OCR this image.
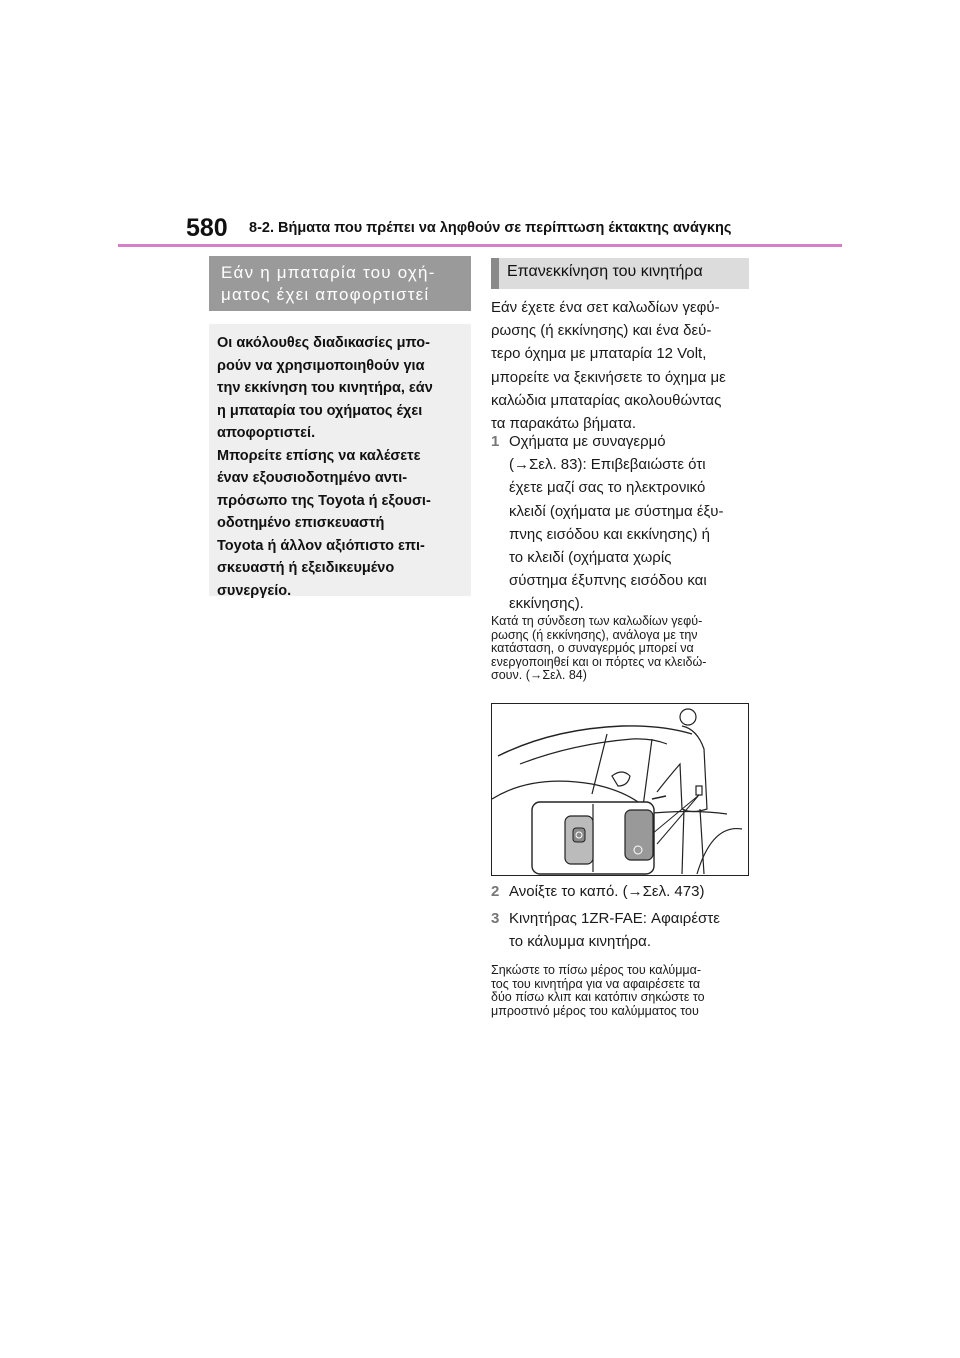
580 8-2. Βήματα που πρέπει να ληφθούν σε περίπτωση έκτακτης ανάγκης
Εάν η μπαταρία του οχή-
ματος έχει αποφορτιστεί
Οι ακόλουθες διαδικασίες μπο-
ρούν να χρησιμοποιηθούν για
την εκκίνηση του κινητήρα, εάν
η μπαταρία του οχήματος έχει
αποφορτιστεί.
Μπορείτε επίσης να καλέσετε
έναν εξουσιοδοτημένο αντι-
πρόσωπο της Toyota ή εξουσι-
οδοτημένο επισκευαστή
Toyota ή άλλον αξιόπιστο επι-
σκευαστή ή εξειδικευμένο
συνεργείο.
Επανεκκίνηση του κινητήρα
Εάν έχετε ένα σετ καλωδίων γεφύ-
ρωσης (ή εκκίνησης) και ένα δεύ-
τερο όχημα με μπαταρία 12 Volt,
μπορείτε να ξεκινήσετε το όχημα με
καλώδια μπαταρίας ακολουθώντας
τα παρακάτω βήματα.
1 Οχήματα με συναγερμό
(→Σελ. 83): Επιβεβαιώστε ότι
έχετε μαζί σας το ηλεκτρονικό
κλειδί (οχήματα με σύστημα έξυ-
πνης εισόδου και εκκίνησης) ή
το κλειδί (οχήματα χωρίς
σύστημα έξυπνης εισόδου και
εκκίνησης).
Κατά τη σύνδεση των καλωδίων γεφύ-
ρωσης (ή εκκίνησης), ανάλογα με την
κατάσταση, ο συναγερμός μπορεί να
ενεργοποιηθεί και οι πόρτες να κλειδώ-
σουν. (→Σελ. 84)
2 Ανοίξτε το καπό. (→Σελ. 473)
3 Κινητήρας 1ZR-FAE: Αφαιρέστε
το κάλυμμα κινητήρα.
Σηκώστε το πίσω μέρος του καλύμμα-
τος του κινητήρα για να αφαιρέσετε τα
δύο πίσω κλιπ και κατόπιν σηκώστε το
μπροστινό μέρος του καλύμματος του
